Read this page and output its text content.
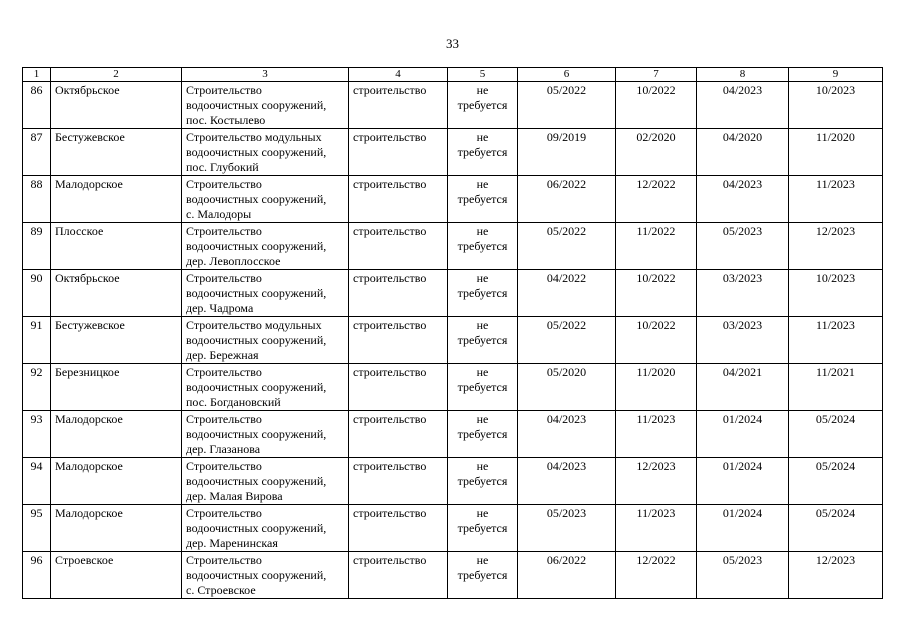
33
1	2	3	4	5	6	7	8	9
86	Октябрьское	Строительство
водоочистных сооружений,
пос. Костылево	строительство	не
требуется	05/2022	10/2022	04/2023	10/2023
87	Бестужевское	Строительство модульных
водоочистных сооружений,
пос. Глубокий	строительство	не
требуется	09/2019	02/2020	04/2020	11/2020
88	Малодорское	Строительство
водоочистных сооружений,
с. Малодоры	строительство	не
требуется	06/2022	12/2022	04/2023	11/2023
89	Плосское	Строительство
водоочистных сооружений,
дер. Левоплосское	строительство	не
требуется	05/2022	11/2022	05/2023	12/2023
90	Октябрьское	Строительство
водоочистных сооружений,
дер. Чадрома	строительство	не
требуется	04/2022	10/2022	03/2023	10/2023
91	Бестужевское	Строительство модульных
водоочистных сооружений,
дер. Бережная	строительство	не
требуется	05/2022	10/2022	03/2023	11/2023
92	Березницкое	Строительство
водоочистных сооружений,
пос. Богдановский	строительство	не
требуется	05/2020	11/2020	04/2021	11/2021
93	Малодорское	Строительство
водоочистных сооружений,
дер. Глазанова	строительство	не
требуется	04/2023	11/2023	01/2024	05/2024
94	Малодорское	Строительство
водоочистных сооружений,
дер. Малая Вирова	строительство	не
требуется	04/2023	12/2023	01/2024	05/2024
95	Малодорское	Строительство
водоочистных сооружений,
дер. Маренинская	строительство	не
требуется	05/2023	11/2023	01/2024	05/2024
96	Строевское	Строительство
водоочистных сооружений,
с. Строевское	строительство	не
требуется	06/2022	12/2022	05/2023	12/2023
